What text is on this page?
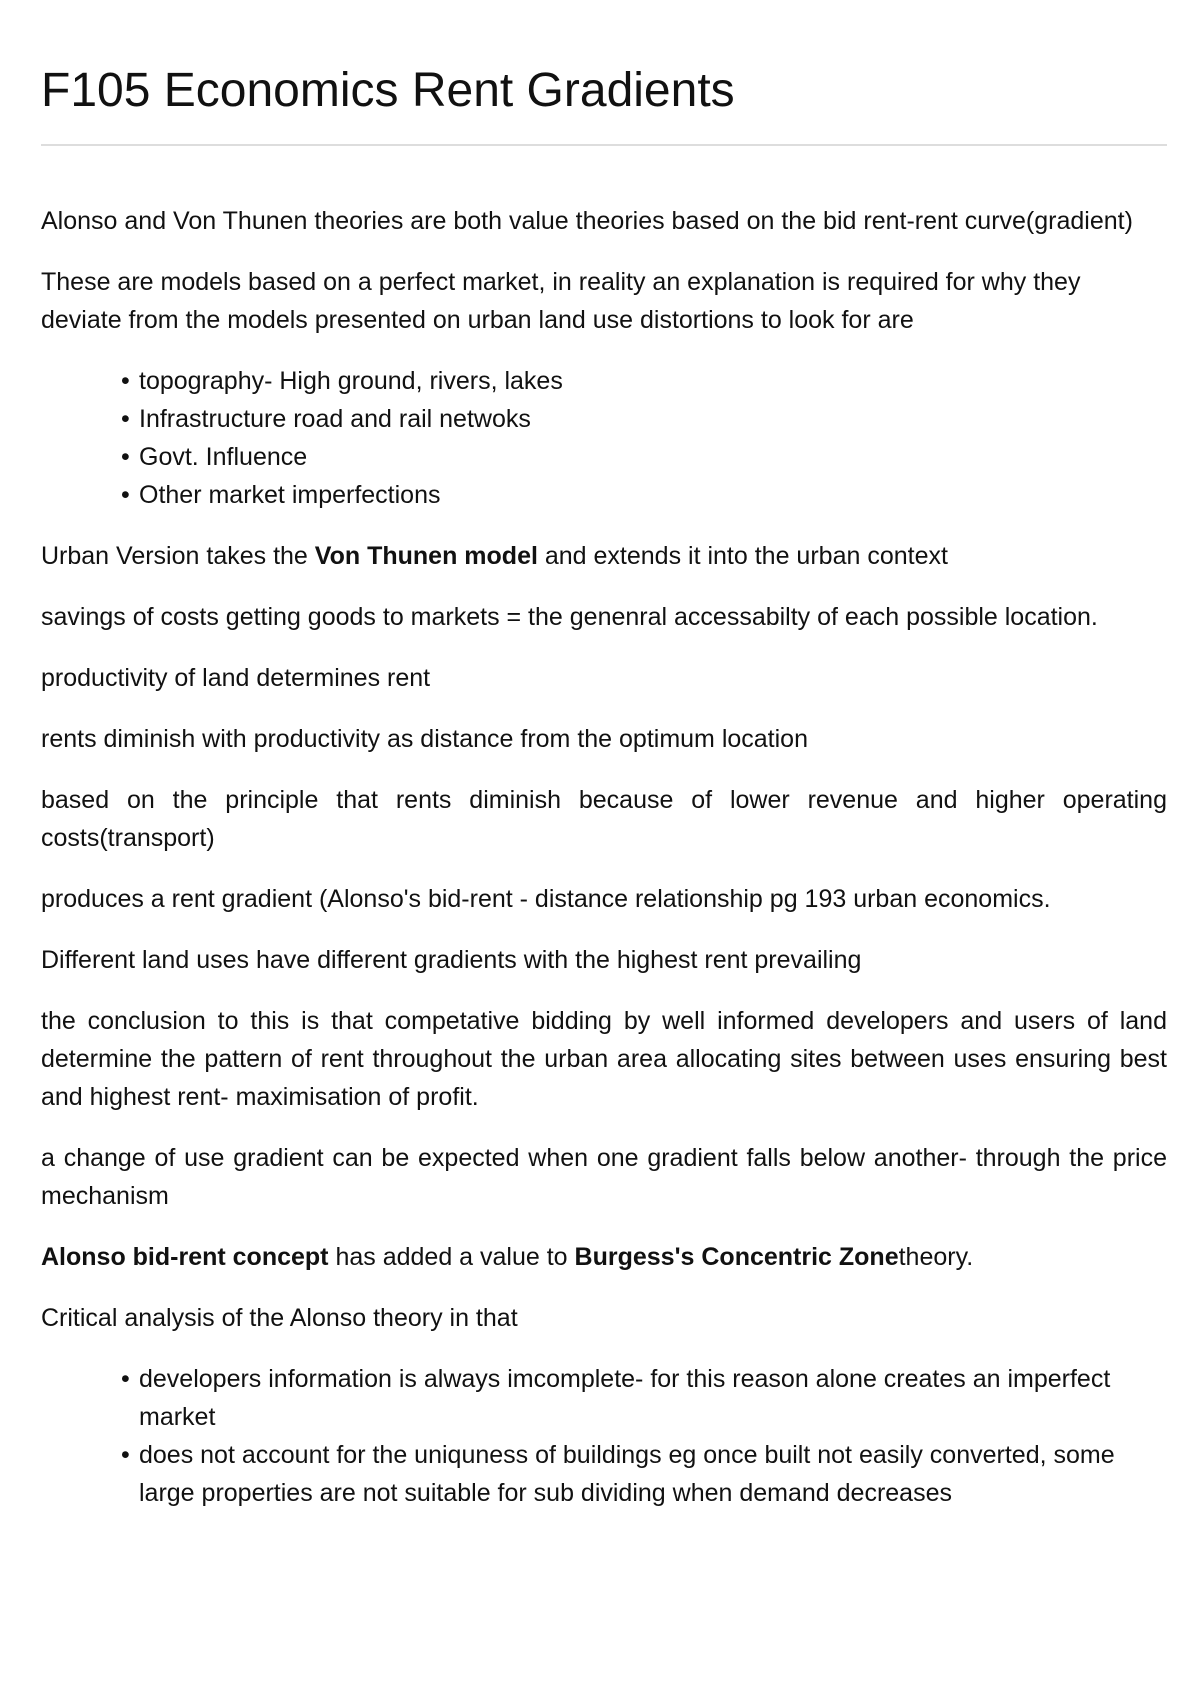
F105 Economics Rent Gradients

Alonso and Von Thunen theories are both value theories based on the bid rent-rent curve(gradient)

These are models based on a perfect market, in reality an explanation is required for why they deviate from the models presented on urban land use distortions to look for are

• topography- High ground, rivers, lakes
• Infrastructure road and rail netwoks
• Govt. Influence
• Other market imperfections

Urban Version takes the Von Thunen model and extends it into the urban context

savings of costs getting goods to markets = the genenral accessabilty of each possible location.

productivity of land determines rent

rents diminish with productivity as distance from the optimum location

based on the principle that rents diminish because of lower revenue and higher operating costs(transport)

produces a rent gradient (Alonso's bid-rent - distance relationship pg 193 urban economics.

Different land uses have different gradients with the highest rent prevailing

the conclusion to this is that competative bidding by well informed developers and users of land determine the pattern of rent throughout the urban area allocating sites between uses ensuring best and highest rent- maximisation of profit.

a change of use gradient can be expected when one gradient falls below another- through the price mechanism

Alonso bid-rent concept has added a value to Burgess's Concentric Zonetheory.

Critical analysis of the Alonso theory in that

• developers information is always imcomplete- for this reason alone creates an imperfect market
• does not account for the uniquness of buildings eg once built not easily converted, some large properties are not suitable for sub dividing when demand decreases
